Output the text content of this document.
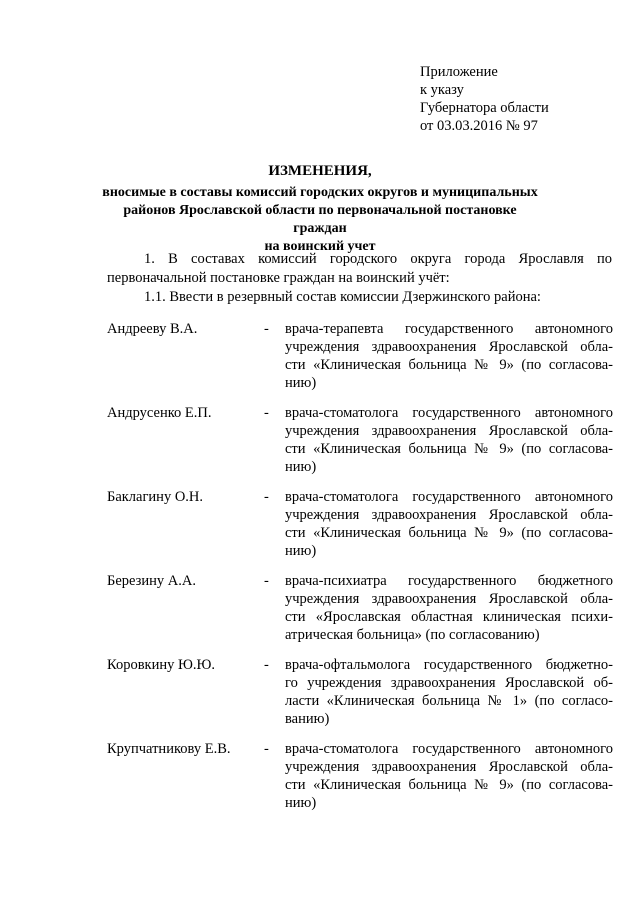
Приложение
к указу
Губернатора области
от 03.03.2016 № 97
ИЗМЕНЕНИЯ,
вносимые в составы комиссий городских округов и муниципальных
районов Ярославской области по первоначальной постановке граждан
на воинский учет
1. В составах комиссий городского округа города Ярославля по первоначальной постановке граждан на воинский учёт:
1.1. Ввести в резервный состав комиссии Дзержинского района:
Андрееву В.А.	- врача-терапевта государственного автономного
учреждения здравоохранения Ярославской обла-
сти «Клиническая больница № 9» (по согласова-
нию)
Андрусенко Е.П.	- врача-стоматолога государственного автономного
учреждения здравоохранения Ярославской обла-
сти «Клиническая больница № 9» (по согласова-
нию)
Баклагину О.Н.	- врача-стоматолога государственного автономного
учреждения здравоохранения Ярославской обла-
сти «Клиническая больница № 9» (по согласова-
нию)
Березину А.А.	- врача-психиатра государственного бюджетного
учреждения здравоохранения Ярославской обла-
сти «Ярославская областная клиническая психи-
атрическая больница» (по согласованию)
Коровкину Ю.Ю.	- врача-офтальмолога государственного бюджетно-
го учреждения здравоохранения Ярославской об-
ласти «Клиническая больница № 1» (по согласо-
ванию)
Крупчатникову Е.В.	- врача-стоматолога государственного автономного
учреждения здравоохранения Ярославской обла-
сти «Клиническая больница № 9» (по согласова-
нию)
